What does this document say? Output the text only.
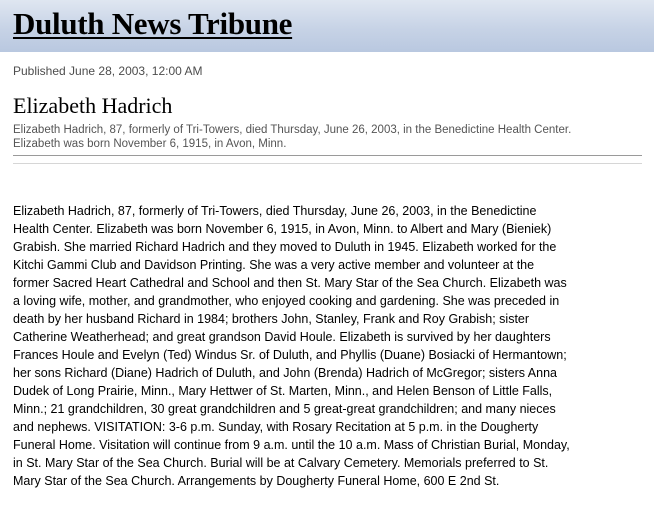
Duluth News Tribune
Published June 28, 2003, 12:00 AM
Elizabeth Hadrich

Elizabeth Hadrich, 87, formerly of Tri-Towers, died Thursday, June 26, 2003, in the Benedictine Health Center.
Elizabeth was born November 6, 1915, in Avon, Minn.

Elizabeth Hadrich, 87, formerly of Tri-Towers, died Thursday, June 26, 2003, in the Benedictine
Health Center. Elizabeth was born November 6, 1915, in Avon, Minn. to Albert and Mary (Bieniek)
Grabish. She married Richard Hadrich and they moved to Duluth in 1945. Elizabeth worked for the
Kitchi Gammi Club and Davidson Printing. She was a very active member and volunteer at the
former Sacred Heart Cathedral and School and then St. Mary Star of the Sea Church. Elizabeth was
a loving wife, mother, and grandmother, who enjoyed cooking and gardening. She was preceded in
death by her husband Richard in 1984; brothers John, Stanley, Frank and Roy Grabish; sister
Catherine Weatherhead; and great grandson David Houle. Elizabeth is survived by her daughters
Frances Houle and Evelyn (Ted) Windus Sr. of Duluth, and Phyllis (Duane) Bosiacki of Hermantown;
her sons Richard (Diane) Hadrich of Duluth, and John (Brenda) Hadrich of McGregor; sisters Anna
Dudek of Long Prairie, Minn., Mary Hettwer of St. Marten, Minn., and Helen Benson of Little Falls,
Minn.; 21 grandchildren, 30 great grandchildren and 5 great-great grandchildren; and many nieces
and nephews. VISITATION: 3-6 p.m. Sunday, with Rosary Recitation at 5 p.m. in the Dougherty
Funeral Home. Visitation will continue from 9 a.m. until the 10 a.m. Mass of Christian Burial, Monday,
in St. Mary Star of the Sea Church. Burial will be at Calvary Cemetery. Memorials preferred to St.
Mary Star of the Sea Church. Arrangements by Dougherty Funeral Home, 600 E 2nd St.
